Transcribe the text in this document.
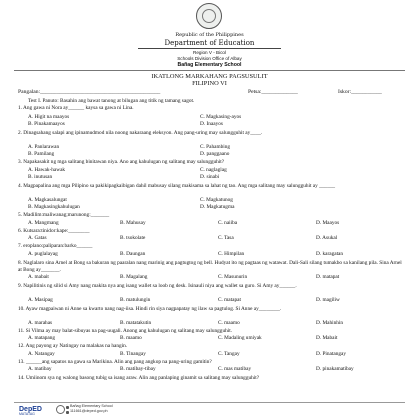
Republic of the Philippines
Department of Education
Region V - Bicol
Schools Division Office of Albay
Bañag Elementary School
IKATLONG MARKAHANG PAGSUSULIT
FILIPINO VI
Pangalan:___________________________________________	Petsa:_____________	Iskor:___________
Test I. Panuto: Basahin ang bawat tanong at bilugan ang titik ng tamang sagot.
1. Ang gawa ni Nora ay______ kaysa sa gawa ni Lina.
A. Higit na maayos	C. Magkasing-ayos
B. Pinakamaayos	D. Inaayos
2. Dinagsahang salapi ang ipinamudmod nila noong nakaraang eleksyon. Ang pang-uring may salungguhit ay____.
A. Panlarawan	C. Pahambing
B. Pamilang	D. panggaano
3. Napakasakit ng mga salitang binitawan niya. Ano ang kahulugan ng salitang may salungguhit?
A. Hawak-hawak	C. naglaglag
B. inutusan	D. sinabi
4. Magpapalina ang mga Pilipino sa pakikipagkaibigan dahil mabusay silang makisama sa lahat ng tao. Ang mga salitang may salungguhit ay ______
A. Magkasalungat	C. Magkatunog
B. Magkasingkahulugan	D. Magkatugma
5. Madilim:maliwanag;marunong:_______
A. Mangmang	B. Mahusay	C. naiiba	D. Maayos
6. Kutsara:tinidor:kape:________
A. Gatas	B. tsokolate	C. Tasa	D. Asukal
7. eroplano:paliparan:barko______
A. puglalayag	B. Daungan	C. Himpilan	D. karagatan
8. Naglalaro sina Arnel at Bong sa bakuran ng paaralan nang marinig ang pagtugtog ng bell. Hudyat ito ng pagtaas ng watawat. Dali-Sali silang tumakbo sa kanilang pila. Sina Arnel at Bong ay_______.
A. mabait	B. Magalang	C. Masunurin	D. matapat
9. Napilitinis ng silid si Amy nang makita nya ang isang wallet sa loob ng desk. Isinauli niya ang wallet sa guro. Si Amy ay______.
A. Masipag	B. matulungin	C. matapat	D. magiliw
10. Ayaw magpaiwan ni Anne sa kwarto nang nag-iisa. Hindi rin siya nagpapatay ng ilaw sa pagtulog. Si Anne ay________.
A. marahas	B. matatakutin	C. maamo	D. Mahinhin
11. Si Vilma ay may balat-sibuyas na pag-uugali. Anong ang kahulugan ng salitang may salungguhit.
A. matapang	B. maamo	C. Madaling umiyak	D. Mabait
12. Ang payong ay Natingay na malakas na hangin.
A. Natangay	B. Tinangay	C. Tangay	D. Pinatangay
13. ______ang sapatos na gawa sa Marikina. Alin ang pang angkop na pang-uring gamitin?
A. matibay	B. matibay-tibay	C. mas matibay	D. pinakamatibay
14. Umiinom sya ng walong basong tubig sa isang araw. Alin ang panlaping ginamit sa salitang may salungguhit?
DepED
MATATAG
Bañag Elementary School
111661@deped.gov.ph
